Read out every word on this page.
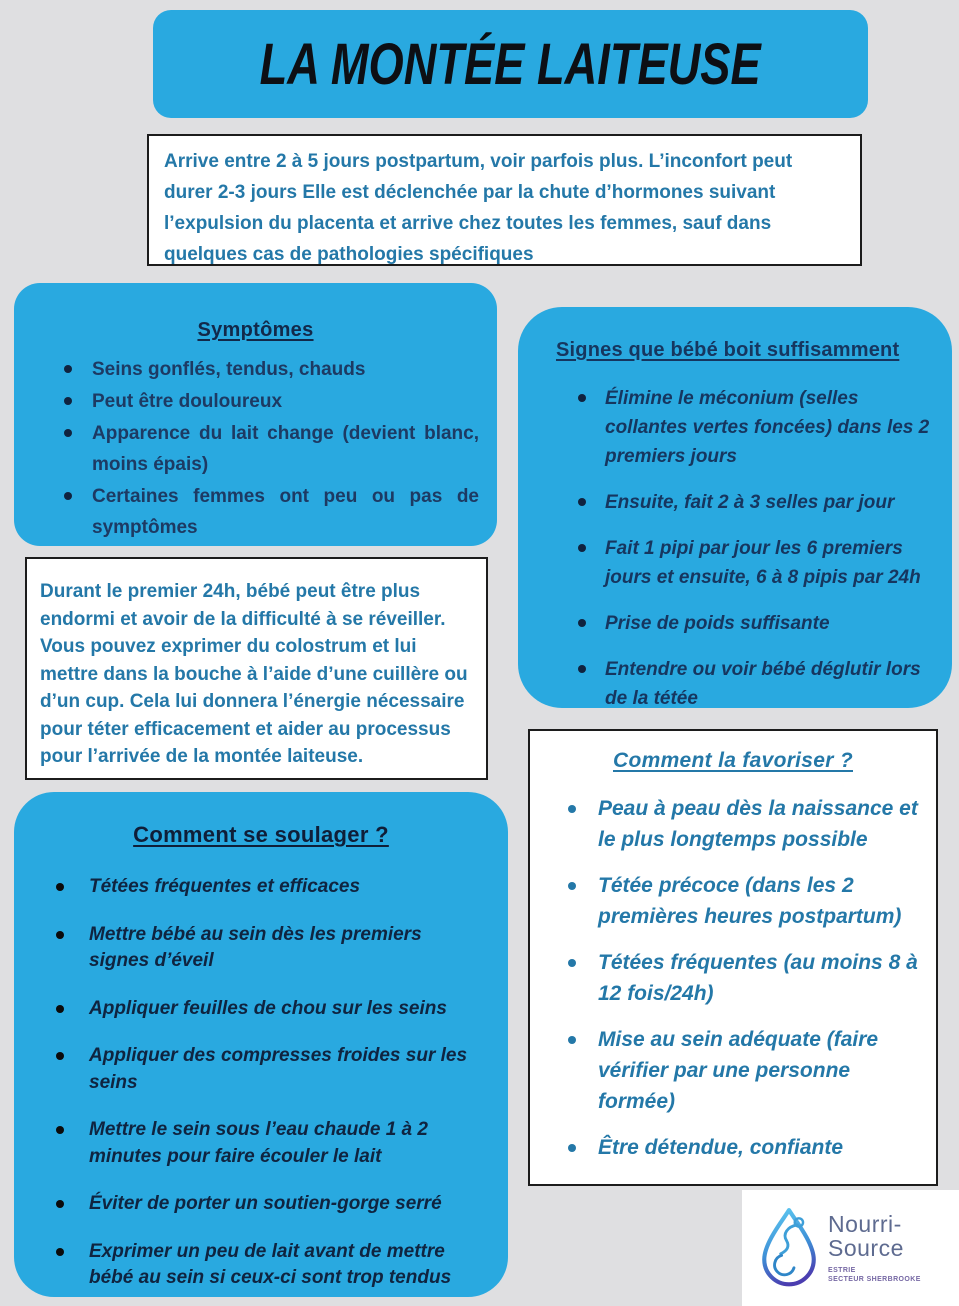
LA MONTÉE LAITEUSE

Arrive entre 2 à 5 jours postpartum, voir parfois plus. L’inconfort peut durer 2-3 jours Elle est déclenchée par la chute d’hormones suivant l’expulsion du placenta et arrive chez toutes les femmes, sauf dans quelques cas de pathologies spécifiques

Symptômes
Seins gonflés, tendus, chauds
Peut être douloureux
Apparence du lait change (devient blanc, moins épais)
Certaines femmes ont peu ou pas de symptômes
Signes que bébé boit suffisamment
Élimine le méconium (selles collantes vertes foncées) dans les 2 premiers jours
Ensuite, fait 2 à 3 selles par jour
Fait 1 pipi par jour les 6 premiers jours et ensuite, 6 à 8 pipis par 24h
Prise de poids suffisante
Entendre ou voir bébé déglutir lors de la tétée

Durant le premier 24h, bébé peut être plus endormi et avoir de la difficulté à se réveiller. Vous pouvez exprimer du colostrum et lui mettre dans la bouche à l’aide d’une cuillère ou d’un cup. Cela lui donnera l’énergie nécessaire pour téter efficacement et aider au processus pour l’arrivée de la montée laiteuse.

Comment se soulager ?
Tétées fréquentes et efficaces
Mettre bébé au sein dès les premiers signes d’éveil
Appliquer feuilles de chou sur les seins
Appliquer des compresses froides sur les seins
Mettre le sein sous l’eau chaude 1 à 2 minutes pour faire écouler le lait
Éviter de porter un soutien-gorge serré
Exprimer un peu de lait avant de mettre bébé au sein si ceux-ci sont trop tendus
Comment la favoriser ?
Peau à peau dès la naissance et le plus longtemps possible
Tétée précoce (dans les 2 premières heures postpartum)
Tétées fréquentes (au moins 8 à 12 fois/24h)
Mise au sein adéquate (faire vérifier par une personne formée)
Être détendue, confiante
Nourri-
Source
ESTRIE
SECTEUR SHERBROOKE
